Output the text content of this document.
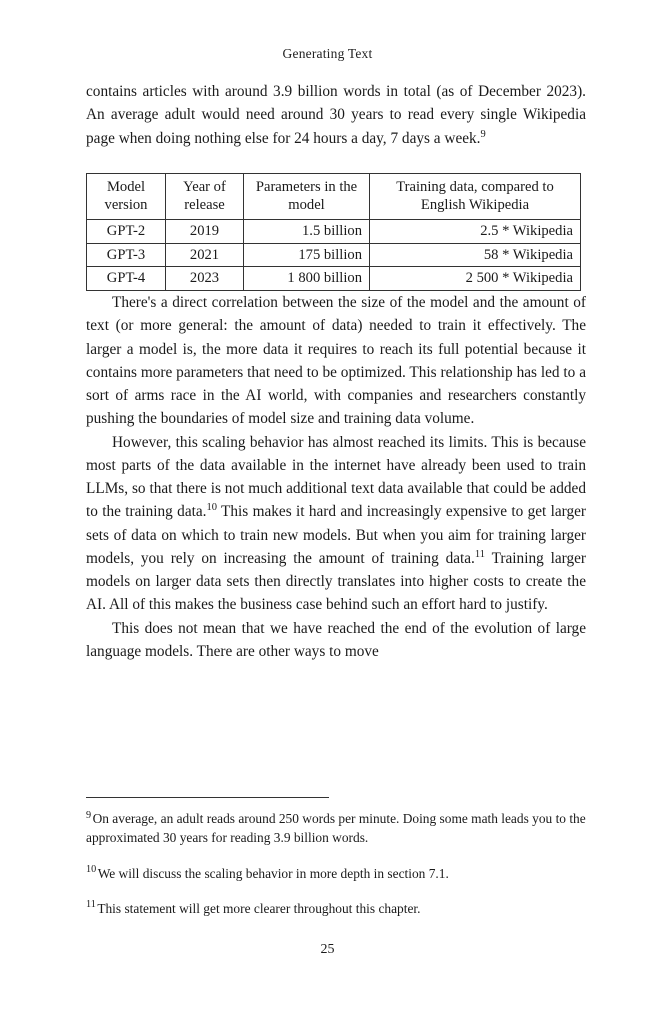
Generating Text

contains articles with around 3.9 billion words in total (as of December 2023). An average adult would need around 30 years to read every single Wikipedia page when doing nothing else for 24 hours a day, 7 days a week.$^9$

Model version	Year of release	Parameters in the model	Training data, compared to English Wikipedia
GPT-2	2019	1.5 billion	2.5 * Wikipedia
GPT-3	2021	175 billion	58 * Wikipedia
GPT-4	2023	1 800 billion	2 500 * Wikipedia

There's a direct correlation between the size of the model and the amount of text (or more general: the amount of data) needed to train it effectively. The larger a model is, the more data it requires to reach its full potential because it contains more parameters that need to be optimized. This relationship has led to a sort of arms race in the AI world, with companies and researchers constantly pushing the boundaries of model size and training data volume.

However, this scaling behavior has almost reached its limits. This is because most parts of the data available in the internet have already been used to train LLMs, so that there is not much additional text data available that could be added to the training data.$^{10}$ This makes it hard and increasingly expensive to get larger sets of data on which to train new models. But when you aim for training larger models, you rely on increasing the amount of training data.$^{11}$ Training larger models on larger data sets then directly translates into higher costs to create the AI. All of this makes the business case behind such an effort hard to justify.

This does not mean that we have reached the end of the evolution of large language models. There are other ways to move

$^9$ On average, an adult reads around 250 words per minute. Doing some math leads you to the approximated 30 years for reading 3.9 billion words.

$^{10}$ We will discuss the scaling behavior in more depth in section 7.1.

$^{11}$ This statement will get more clearer throughout this chapter.

25
